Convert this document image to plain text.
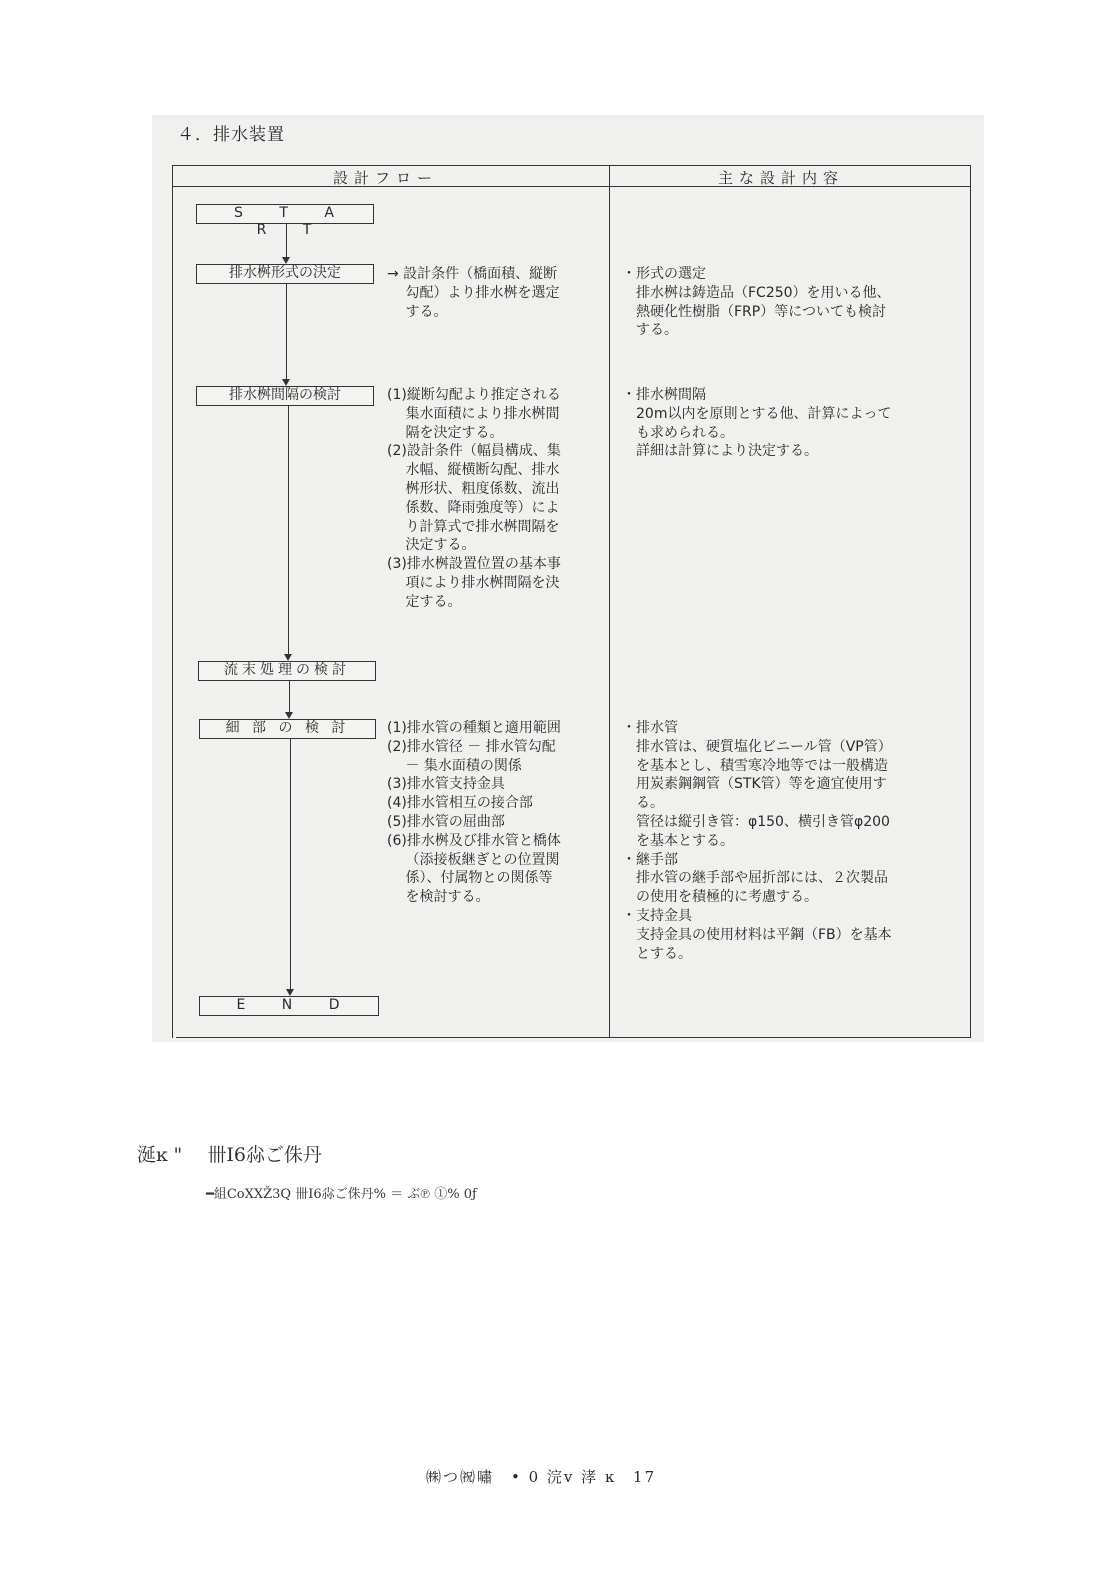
４．排水装置
設計フロー	主な設計内容
S T A R T
排水桝形式の決定
排水桝間隔の検討
流末処理の検討
細 部 の 検 討
E N D
→ 設計条件（橋面積、縦断
　 勾配）より排水桝を選定
　 する。
(1)縦断勾配より推定される
　 集水面積により排水桝間
　 隔を決定する。
(2)設計条件（幅員構成、集
　 水幅、縦横断勾配、排水
　 桝形状、粗度係数、流出
　 係数、降雨強度等）によ
　 り計算式で排水桝間隔を
　 決定する。
(3)排水桝設置位置の基本事
　 項により排水桝間隔を決
　 定する。
(1)排水管の種類と適用範囲
(2)排水管径 － 排水管勾配
　 － 集水面積の関係
(3)排水管支持金具
(4)排水管相互の接合部
(5)排水管の屈曲部
(6)排水桝及び排水管と橋体
　 （添接板継ぎとの位置関
　 係）、付属物との関係等
　 を検討する。
・形式の選定
　排水桝は鋳造品（FC250）を用いる他、
　熱硬化性樹脂（FRP）等についても検討
　する。
・排水桝間隔
　20m以内を原則とする他、計算によって
　も求められる。
　詳細は計算により決定する。
・排水管
　排水管は、硬質塩化ビニール管（VP管）
　を基本とし、積雪寒冷地等では一般構造
　用炭素鋼鋼管（STK管）等を適宜使用す
　る。
　管径は縦引き管：φ150、横引き管φ200
　を基本とする。
・継手部
　排水管の継手部や屈折部には、２次製品
　の使用を積極的に考慮する。
・支持金具
　支持金具の使用材料は平鋼（FB）を基本
　とする。
涎ĸ "　 卌I6尛ご侏丹
━組CoXXŽ3Q 卌I6尛ご侏丹% ＝ ぶ℗ ①% 0ƒ
㈱つ㈷嘯　• 0 浣v 涍 ĸ　17
